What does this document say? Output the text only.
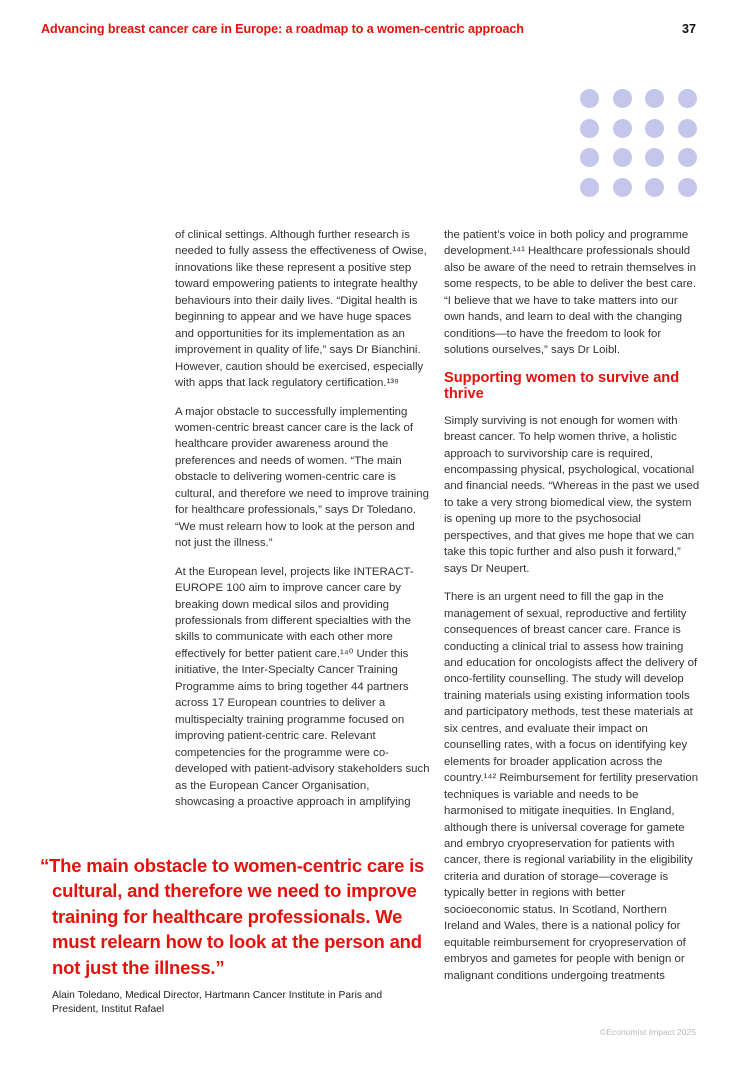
Advancing breast cancer care in Europe: a roadmap to a women-centric approach	37

of clinical settings. Although further research is needed to fully assess the effectiveness of Owise, innovations like these represent a positive step toward empowering patients to integrate healthy behaviours into their daily lives. “Digital health is beginning to appear and we have huge spaces and opportunities for its implementation as an improvement in quality of life,” says Dr Bianchini. However, caution should be exercised, especially with apps that lack regulatory certification.¹³⁹

A major obstacle to successfully implementing women-centric breast cancer care is the lack of healthcare provider awareness around the preferences and needs of women. “The main obstacle to delivering women-centric care is cultural, and therefore we need to improve training for healthcare professionals,” says Dr Toledano. “We must relearn how to look at the person and not just the illness.”

At the European level, projects like INTERACT-EUROPE 100 aim to improve cancer care by breaking down medical silos and providing professionals from different specialties with the skills to communicate with each other more effectively for better patient care.¹⁴⁰ Under this initiative, the Inter-Specialty Cancer Training Programme aims to bring together 44 partners across 17 European countries to deliver a multispecialty training programme focused on improving patient-centric care. Relevant competencies for the programme were co-developed with patient-advisory stakeholders such as the European Cancer Organisation, showcasing a proactive approach in amplifying

the patient’s voice in both policy and programme development.¹⁴¹ Healthcare professionals should also be aware of the need to retrain themselves in some respects, to be able to deliver the best care. “I believe that we have to take matters into our own hands, and learn to deal with the changing conditions—to have the freedom to look for solutions ourselves,” says Dr Loibl.

Supporting women to survive and thrive

Simply surviving is not enough for women with breast cancer. To help women thrive, a holistic approach to survivorship care is required, encompassing physical, psychological, vocational and financial needs. “Whereas in the past we used to take a very strong biomedical view, the system is opening up more to the psychosocial perspectives, and that gives me hope that we can take this topic further and also push it forward,” says Dr Neupert.

There is an urgent need to fill the gap in the management of sexual, reproductive and fertility consequences of breast cancer care. France is conducting a clinical trial to assess how training and education for oncologists affect the delivery of onco-fertility counselling. The study will develop training materials using existing information tools and participatory methods, test these materials at six centres, and evaluate their impact on counselling rates, with a focus on identifying key elements for broader application across the country.¹⁴² Reimbursement for fertility preservation techniques is variable and needs to be harmonised to mitigate inequities. In England, although there is universal coverage for gamete and embryo cryopreservation for patients with cancer, there is regional variability in the eligibility criteria and duration of storage—coverage is typically better in regions with better socioeconomic status. In Scotland, Northern Ireland and Wales, there is a national policy for equitable reimbursement for cryopreservation of embryos and gametes for people with benign or malignant conditions undergoing treatments

“The main obstacle to women-centric care is cultural, and therefore we need to improve training for healthcare professionals. We must relearn how to look at the person and not just the illness.”
Alain Toledano, Medical Director, Hartmann Cancer Institute in Paris and President, Institut Rafael
©Economist Impact 2025
